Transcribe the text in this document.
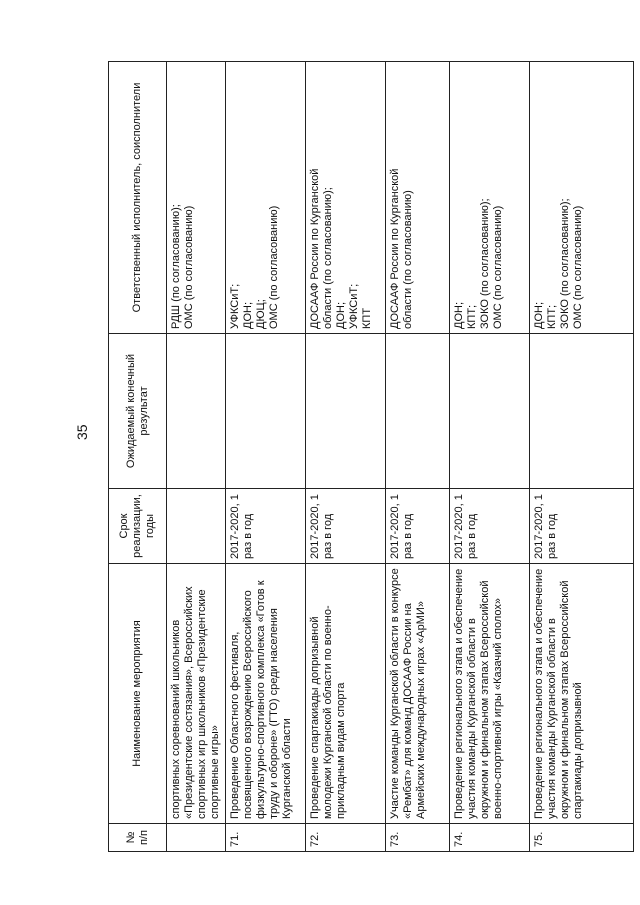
35
№ п/п	Наименование мероприятия	Срок реализации, годы	Ожидаемый конечный результат	Ответственный исполнитель, соисполнители

	спортивных соревнований школьников «Президентские состязания», Всероссийских спортивных игр школьников «Президентские спортивные игры»			РДШ (по согласованию); ОМС (по согласованию)

71.	Проведение Областного фестиваля, посвященного возрождению Всероссийского физкультурно-спортивного комплекса «Готов к труду и обороне» (ГТО) среди населения Курганской области	2017-2020, 1 раз в год		УФКСиТ; ДОН; ДЮЦ; ОМС (по согласованию)

72.	Проведение спартакиады допризывной молодежи Курганской области по военно-прикладным видам спорта	2017-2020, 1 раз в год		ДОСААФ России по Курганской области (по согласованию); ДОН; УФКСиТ; КПТ

73.	Участие команды Курганской области в конкурсе «Рембат» для команд ДОСААФ России на Армейских международных играх «АрМИ»	2017-2020, 1 раз в год		ДОСААФ России по Курганской области (по согласованию)

74.	Проведение регионального этапа и обеспечение участия команды Курганской области в окружном и финальном этапах Всероссийской военно-спортивной игры «Казачий сполох»	2017-2020, 1 раз в год		ДОН; КПТ; ЗОКО (по согласованию); ОМС (по согласованию)

75.	Проведение регионального этапа и обеспечение участия команды Курганской области в окружном и финальном этапах Всероссийской спартакиады допризывной	2017-2020, 1 раз в год		ДОН; КПТ; ЗОКО (по согласованию); ОМС (по согласованию)
